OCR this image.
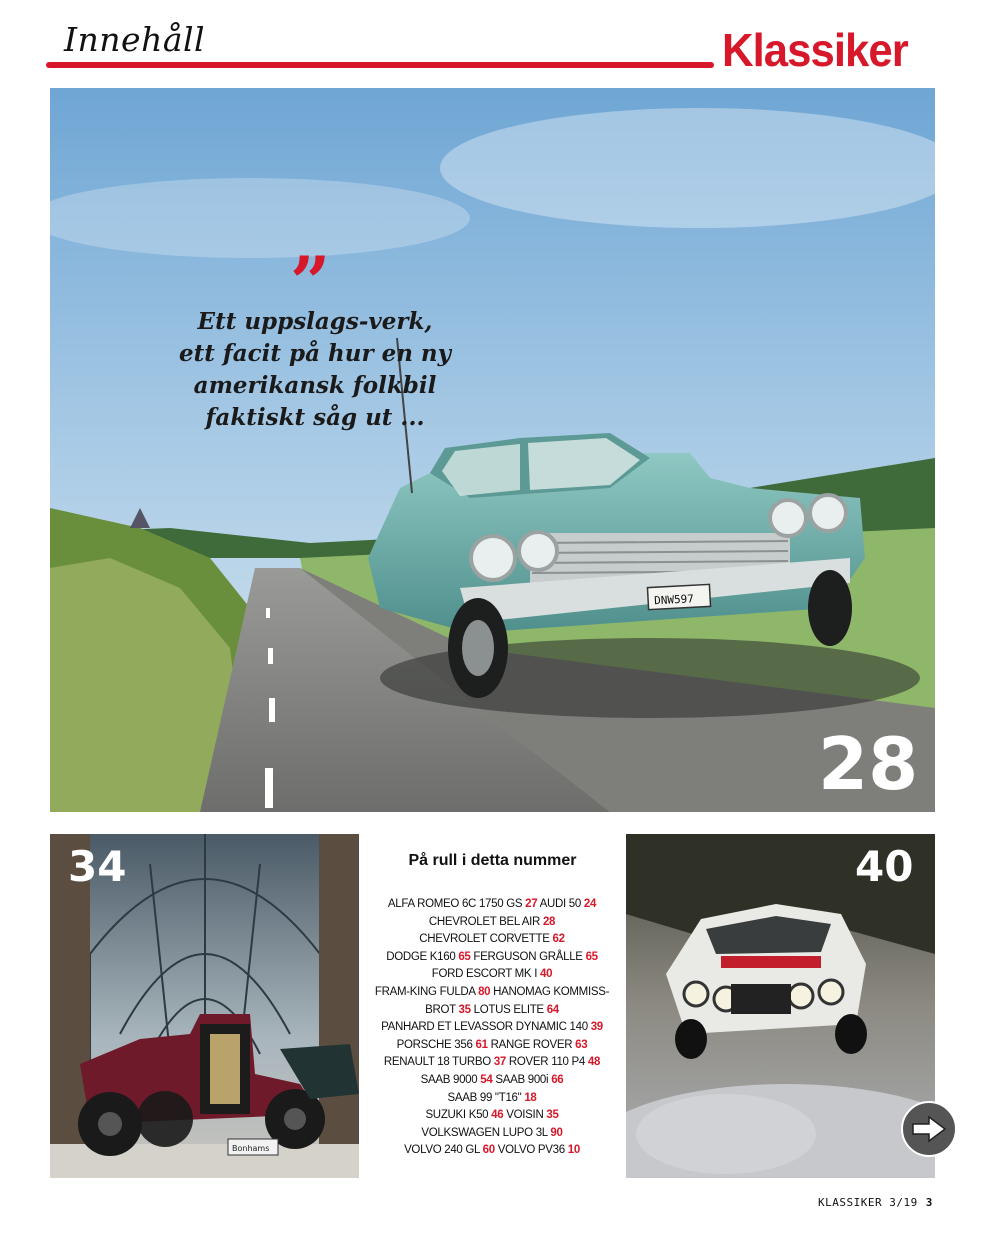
Innehåll	Klassiker
DNW597
”
Ett uppslags-verk,
ett facit på hur en ny
amerikansk folkbil
faktiskt såg ut ...
28
Bonhams
34	På rull i detta nummer
ALFA ROMEO 6C 1750 GS 27 AUDI 50 24
CHEVROLET BEL AIR 28
CHEVROLET CORVETTE 62
DODGE K160 65 FERGUSON GRÅLLE 65
FORD ESCORT MK I 40
FRAM-KING FULDA 80 HANOMAG KOMMISS-
BROT 35 LOTUS ELITE 64
PANHARD ET LEVASSOR DYNAMIC 140 39
PORSCHE 356 61 RANGE ROVER 63
RENAULT 18 TURBO 37 ROVER 110 P4 48
SAAB 9000 54 SAAB 900i 66
SAAB 99 "T16" 18
SUZUKI K50 46 VOISIN 35
VOLKSWAGEN LUPO 3L 90
VOLVO 240 GL 60 VOLVO PV36 10
40
KLASSIKER 3/19 3
